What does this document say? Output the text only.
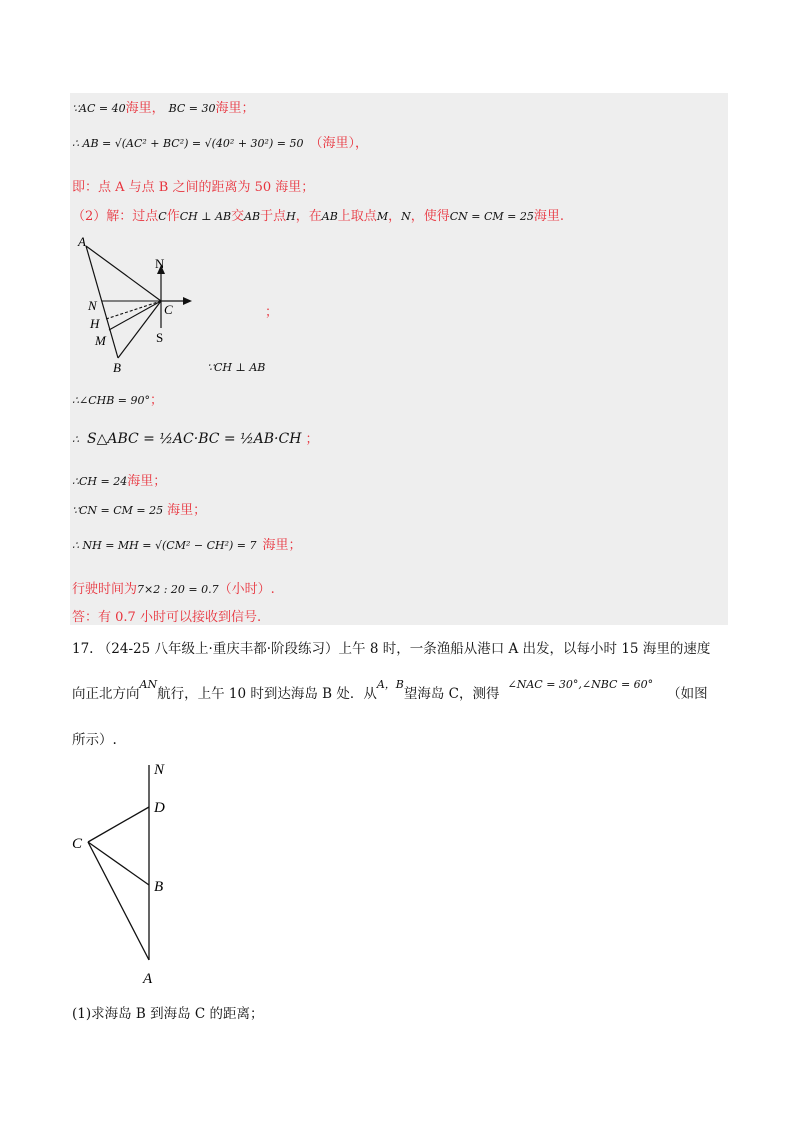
∵AC = 40海里， BC = 30海里；
∴ AB = √(AC² + BC²) = √(40² + 30²) = 50 （海里），
即：点 A 与点 B 之间的距离为 50 海里；
（2）解：过点C作CH ⊥ AB交AB于点H，在AB上取点M，N，使得CN = CM = 25海里.
A
N
N	C
H
M	S
B
；
∵CH ⊥ AB
∴∠CHB = 90°；
∴ S△ABC = ½AC·BC = ½AB·CH ；
∴CH = 24海里；
∵CN = CM = 25 海里；
∴ NH = MH = √(CM² − CH²) = 7 海里；
行驶时间为7×2 : 20 = 0.7（小时）.
答：有 0.7 小时可以接收到信号.
17. （24-25 八年级上·重庆丰都·阶段练习）上午 8 时，一条渔船从港口 A 出发，以每小时 15 海里的速度
向正北方向$^{AN}$航行，上午 10 时到达海岛 B 处．从$^{A,B}$望海岛 C，测得$^{\angle NAC = 30^\circ,\angle NBC = 60^\circ}$（如图
所示）.
N
D
C
B
A
(1)求海岛 B 到海岛 C 的距离；
